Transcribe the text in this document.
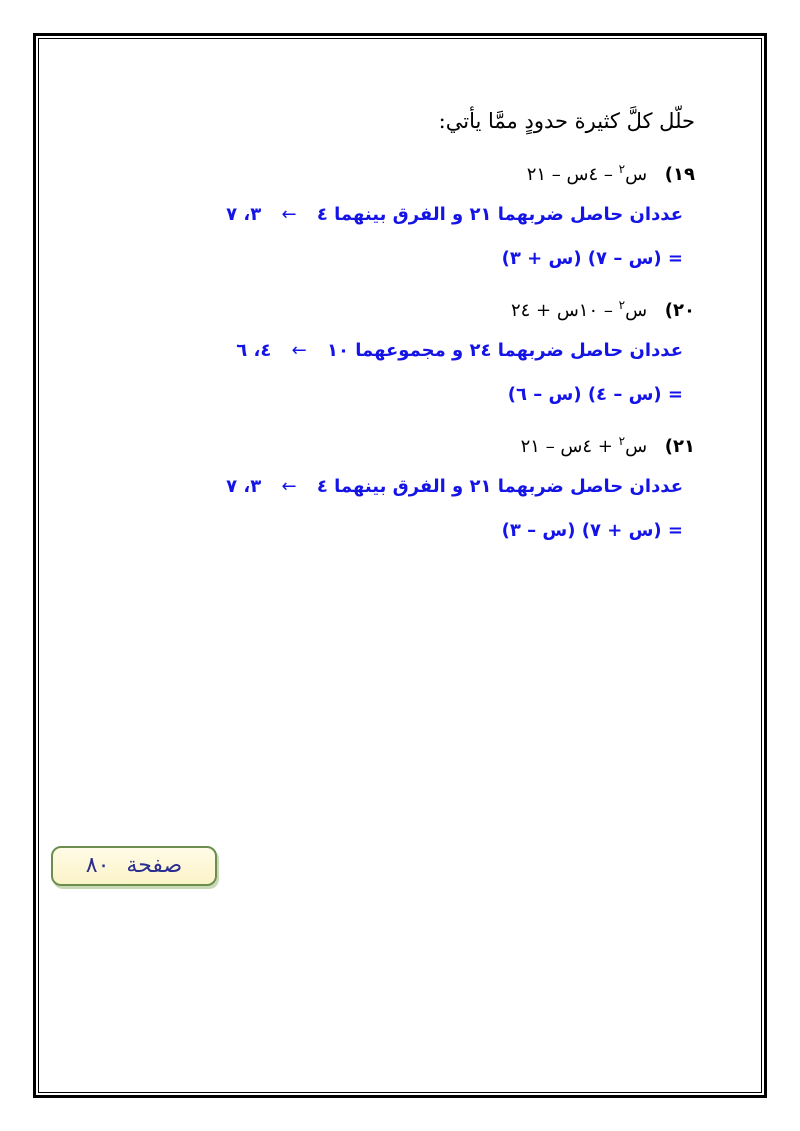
حلّل كلَّ كثيرة حدودٍ ممَّا يأتي:
١٩) س$^٢$ – ٤س – ٢١
عددان حاصل ضربهما ٢١ و الفرق بينهما ٤ ← ٣، ٧
= (س – ٧) (س + ٣)
٢٠) س$^٢$ – ١٠س + ٢٤
عددان حاصل ضربهما ٢٤ و مجموعهما ١٠ ← ٤، ٦
= (س – ٤) (س – ٦)
٢١) س$^٢$ + ٤س – ٢١
عددان حاصل ضربهما ٢١ و الفرق بينهما ٤ ← ٣، ٧
= (س + ٧) (س – ٣)
صفحة ٨٠
